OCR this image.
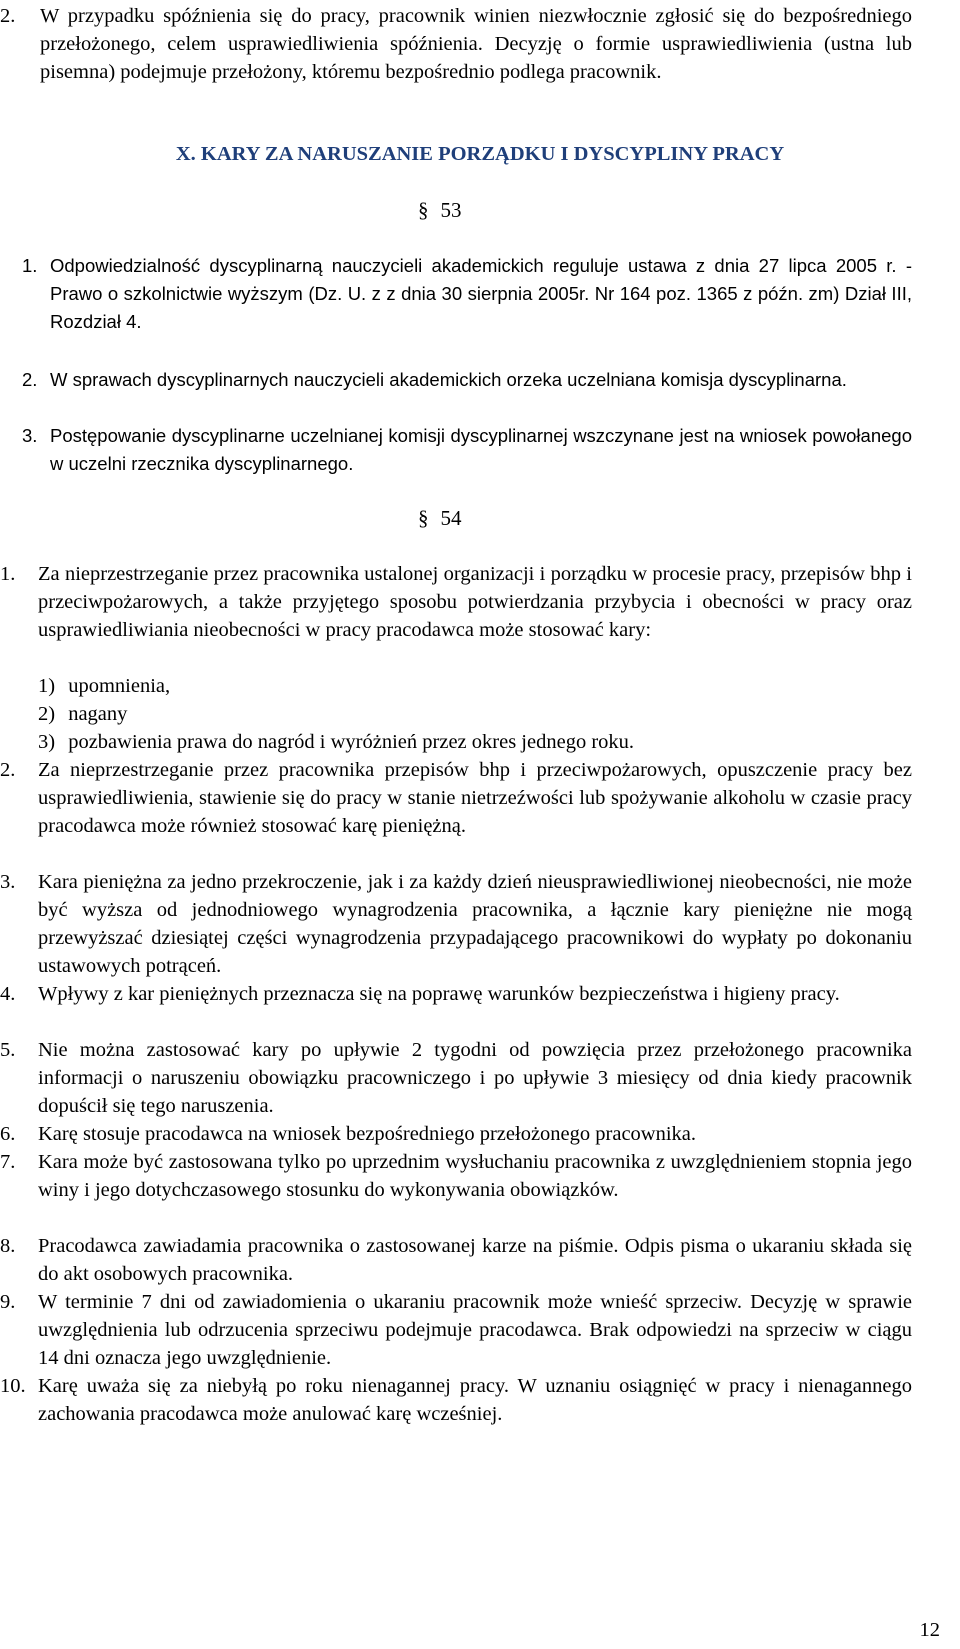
2.	W przypadku spóźnienia się do pracy, pracownik winien niezwłocznie zgłosić się do bezpośredniego przełożonego, celem usprawiedliwienia spóźnienia. Decyzję o formie usprawiedliwienia (ustna lub pisemna) podejmuje przełożony, któremu bezpośrednio podlega pracownik.
X. KARY ZA NARUSZANIE PORZĄDKU I DYSCYPLINY PRACY
§ 53
1. Odpowiedzialność dyscyplinarną nauczycieli akademickich reguluje ustawa z dnia 27 lipca 2005 r. - Prawo o szkolnictwie wyższym (Dz. U. z z dnia 30 sierpnia 2005r. Nr 164 poz. 1365 z późn. zm) Dział III, Rozdział 4.
2. W sprawach dyscyplinarnych nauczycieli akademickich orzeka uczelniana komisja dyscyplinarna.
3. Postępowanie dyscyplinarne uczelnianej komisji dyscyplinarnej wszczynane jest na wniosek powołanego w uczelni rzecznika dyscyplinarnego.
§ 54
1.	Za nieprzestrzeganie przez pracownika ustalonej organizacji i porządku w procesie pracy, przepisów bhp i przeciwpożarowych, a także przyjętego sposobu potwierdzania przybycia i obecności w pracy oraz usprawiedliwiania nieobecności w pracy pracodawca może stosować kary:
1) upomnienia,
2) nagany
3) pozbawienia prawa do nagród i wyróżnień przez okres jednego roku.
2.	Za nieprzestrzeganie przez pracownika przepisów bhp i przeciwpożarowych, opuszczenie pracy bez usprawiedliwienia, stawienie się do pracy w stanie nietrzeźwości lub spożywanie alkoholu w czasie pracy pracodawca może również stosować karę pieniężną.
3.	Kara pieniężna za jedno przekroczenie, jak i za każdy dzień nieusprawiedliwionej nieobecności, nie może być wyższa od jednodniowego wynagrodzenia pracownika, a łącznie kary pieniężne nie mogą przewyższać dziesiątej części wynagrodzenia przypadającego pracownikowi do wypłaty po dokonaniu ustawowych potrąceń.
4.	Wpływy z kar pieniężnych przeznacza się na poprawę warunków bezpieczeństwa i higieny pracy.
5.	Nie można zastosować kary po upływie 2 tygodni od powzięcia przez przełożonego pracownika informacji o naruszeniu obowiązku pracowniczego i po upływie 3 miesięcy od dnia kiedy pracownik dopuścił się tego naruszenia.
6.	Karę stosuje pracodawca na wniosek bezpośredniego przełożonego pracownika.
7.	Kara może być zastosowana tylko po uprzednim wysłuchaniu pracownika z uwzględnieniem stopnia jego winy i jego dotychczasowego stosunku do wykonywania obowiązków.
8.	Pracodawca zawiadamia pracownika o zastosowanej karze na piśmie. Odpis pisma o ukaraniu składa się do akt osobowych pracownika.
9.	W terminie 7 dni od zawiadomienia o ukaraniu pracownik może wnieść sprzeciw. Decyzję w sprawie uwzględnienia lub odrzucenia sprzeciwu podejmuje pracodawca. Brak odpowiedzi na sprzeciw w ciągu 14 dni oznacza jego uwzględnienie.
10. Karę uważa się za niebyłą po roku nienagannej pracy. W uznaniu osiągnięć w pracy i nienagannego zachowania pracodawca może anulować karę wcześniej.
12
